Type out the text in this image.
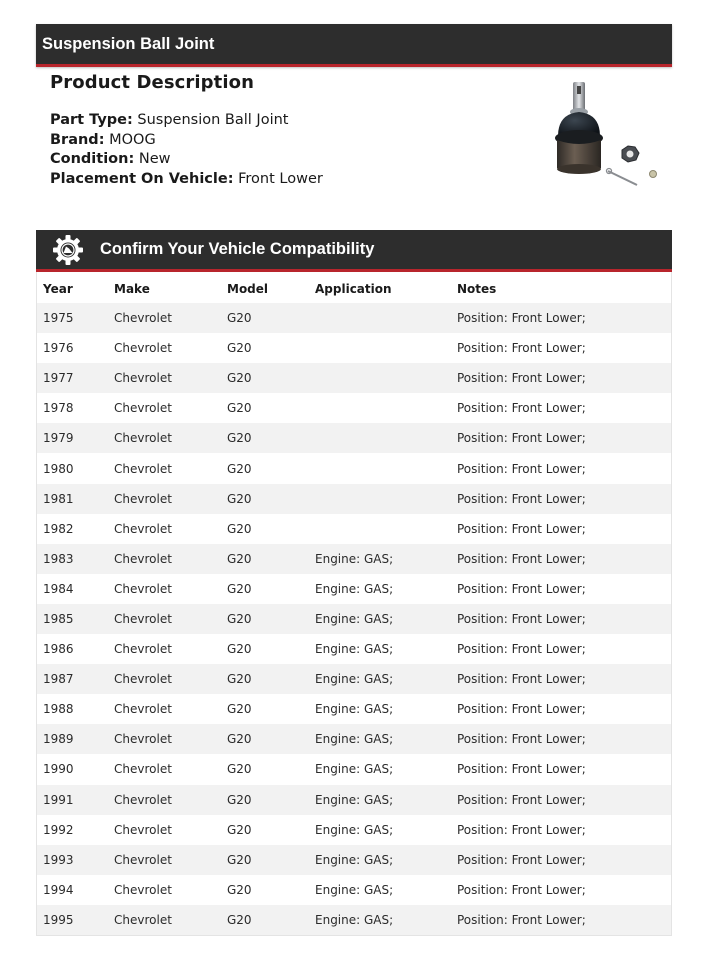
Suspension Ball Joint
Product Description
Part Type: Suspension Ball Joint
Brand: MOOG
Condition: New
Placement On Vehicle: Front Lower
Confirm Your Vehicle Compatibility
Year	Make	Model	Application	Notes
1975	Chevrolet	G20		Position: Front Lower;
1976	Chevrolet	G20		Position: Front Lower;
1977	Chevrolet	G20		Position: Front Lower;
1978	Chevrolet	G20		Position: Front Lower;
1979	Chevrolet	G20		Position: Front Lower;
1980	Chevrolet	G20		Position: Front Lower;
1981	Chevrolet	G20		Position: Front Lower;
1982	Chevrolet	G20		Position: Front Lower;
1983	Chevrolet	G20	Engine: GAS;	Position: Front Lower;
1984	Chevrolet	G20	Engine: GAS;	Position: Front Lower;
1985	Chevrolet	G20	Engine: GAS;	Position: Front Lower;
1986	Chevrolet	G20	Engine: GAS;	Position: Front Lower;
1987	Chevrolet	G20	Engine: GAS;	Position: Front Lower;
1988	Chevrolet	G20	Engine: GAS;	Position: Front Lower;
1989	Chevrolet	G20	Engine: GAS;	Position: Front Lower;
1990	Chevrolet	G20	Engine: GAS;	Position: Front Lower;
1991	Chevrolet	G20	Engine: GAS;	Position: Front Lower;
1992	Chevrolet	G20	Engine: GAS;	Position: Front Lower;
1993	Chevrolet	G20	Engine: GAS;	Position: Front Lower;
1994	Chevrolet	G20	Engine: GAS;	Position: Front Lower;
1995	Chevrolet	G20	Engine: GAS;	Position: Front Lower;
